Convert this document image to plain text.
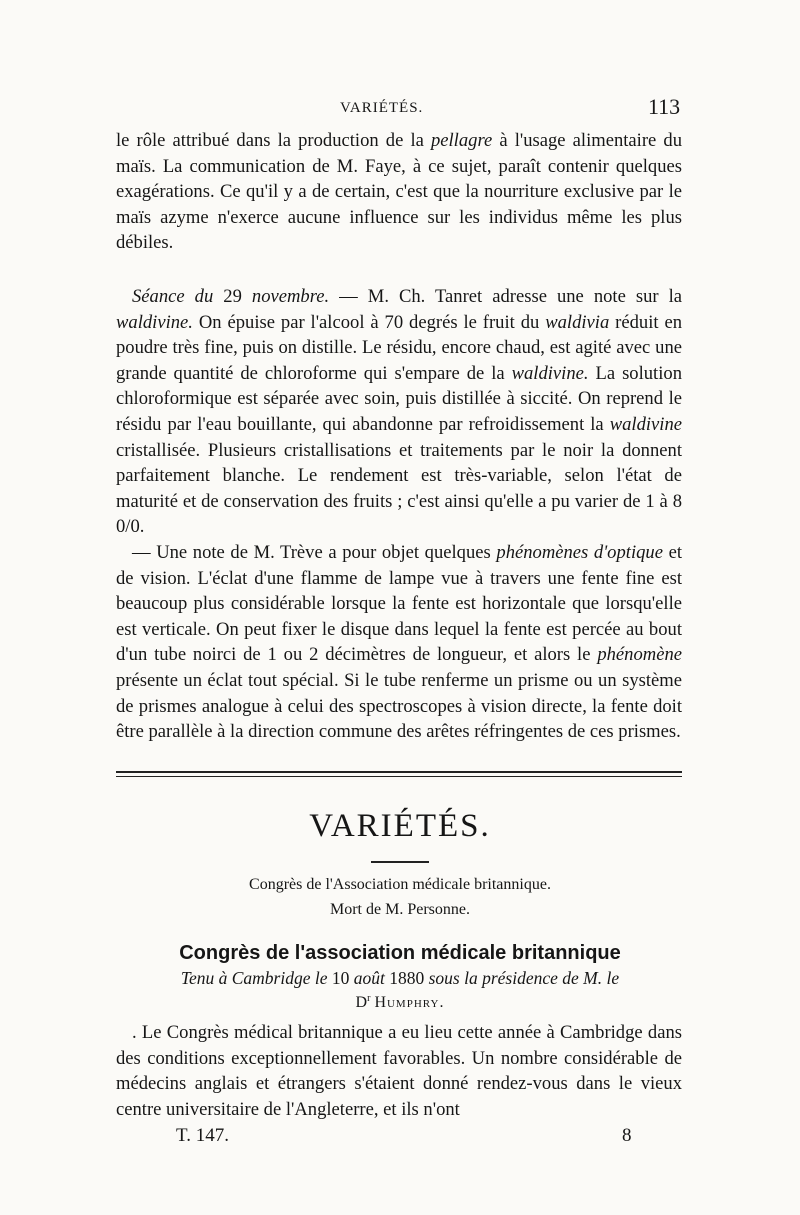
VARIÉTÉS.	113

le rôle attribué dans la production de la pellagre à l'usage alimentaire du maïs. La communication de M. Faye, à ce sujet, paraît contenir quelques exagérations. Ce qu'il y a de certain, c'est que la nourriture exclusive par le maïs azyme n'exerce aucune influence sur les individus même les plus débiles.

Séance du 29 novembre. — M. Ch. Tanret adresse une note sur la waldivine. On épuise par l'alcool à 70 degrés le fruit du waldivia réduit en poudre très fine, puis on distille. Le résidu, encore chaud, est agité avec une grande quantité de chloroforme qui s'empare de la waldivine. La solution chloroformique est séparée avec soin, puis distillée à siccité. On reprend le résidu par l'eau bouillante, qui abandonne par refroidissement la waldivine cristallisée. Plusieurs cristallisations et traitements par le noir la donnent parfaitement blanche. Le rendement est très-variable, selon l'état de maturité et de conservation des fruits ; c'est ainsi qu'elle a pu varier de 1 à 8 0/0.

— Une note de M. Trève a pour objet quelques phénomènes d'optique et de vision. L'éclat d'une flamme de lampe vue à travers une fente fine est beaucoup plus considérable lorsque la fente est horizontale que lorsqu'elle est verticale. On peut fixer le disque dans lequel la fente est percée au bout d'un tube noirci de 1 ou 2 décimètres de longueur, et alors le phénomène présente un éclat tout spécial. Si le tube renferme un prisme ou un système de prismes analogue à celui des spectroscopes à vision directe, la fente doit être parallèle à la direction commune des arêtes réfringentes de ces prismes.

VARIÉTÉS.
Congrès de l'Association médicale britannique.
Mort de M. Personne.
Congrès de l'association médicale britannique
Tenu à Cambridge le 10 août 1880 sous la présidence de M. le
$D^r$ Humphry.

. Le Congrès médical britannique a eu lieu cette année à Cambridge dans des conditions exceptionnellement favorables. Un nombre considérable de médecins anglais et étrangers s'étaient donné rendez-vous dans le vieux centre universitaire de l'Angleterre, et ils n'ont

T. 147.	8
